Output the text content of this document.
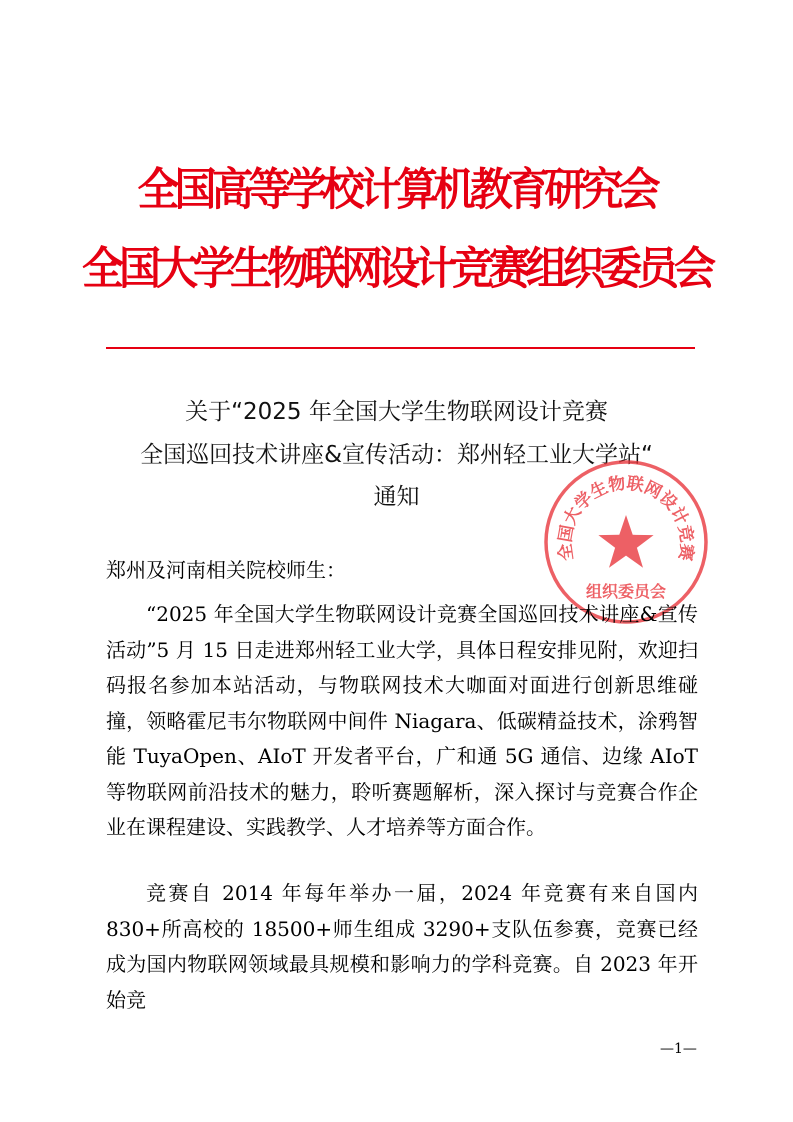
全国高等学校计算机教育研究会
全国大学生物联网设计竞赛组织委员会
关于“2025 年全国大学生物联网设计竞赛
全国巡回技术讲座&宣传活动：郑州轻工业大学站“
通知
全国大学生物联网设计竞赛
组织委员会
郑州及河南相关院校师生：
“2025 年全国大学生物联网设计竞赛全国巡回技术讲座&宣传活动”5 月 15 日走进郑州轻工业大学，具体日程安排见附，欢迎扫码报名参加本站活动，与物联网技术大咖面对面进行创新思维碰撞，领略霍尼韦尔物联网中间件 Niagara、低碳精益技术，涂鸦智能 TuyaOpen、AIoT 开发者平台，广和通 5G 通信、边缘 AIoT 等物联网前沿技术的魅力，聆听赛题解析，深入探讨与竞赛合作企业在课程建设、实践教学、人才培养等方面合作。
竞赛自 2014 年每年举办一届，2024 年竞赛有来自国内 830+所高校的 18500+师生组成 3290+支队伍参赛，竞赛已经成为国内物联网领域最具规模和影响力的学科竞赛。自 2023 年开始竞
—1—
